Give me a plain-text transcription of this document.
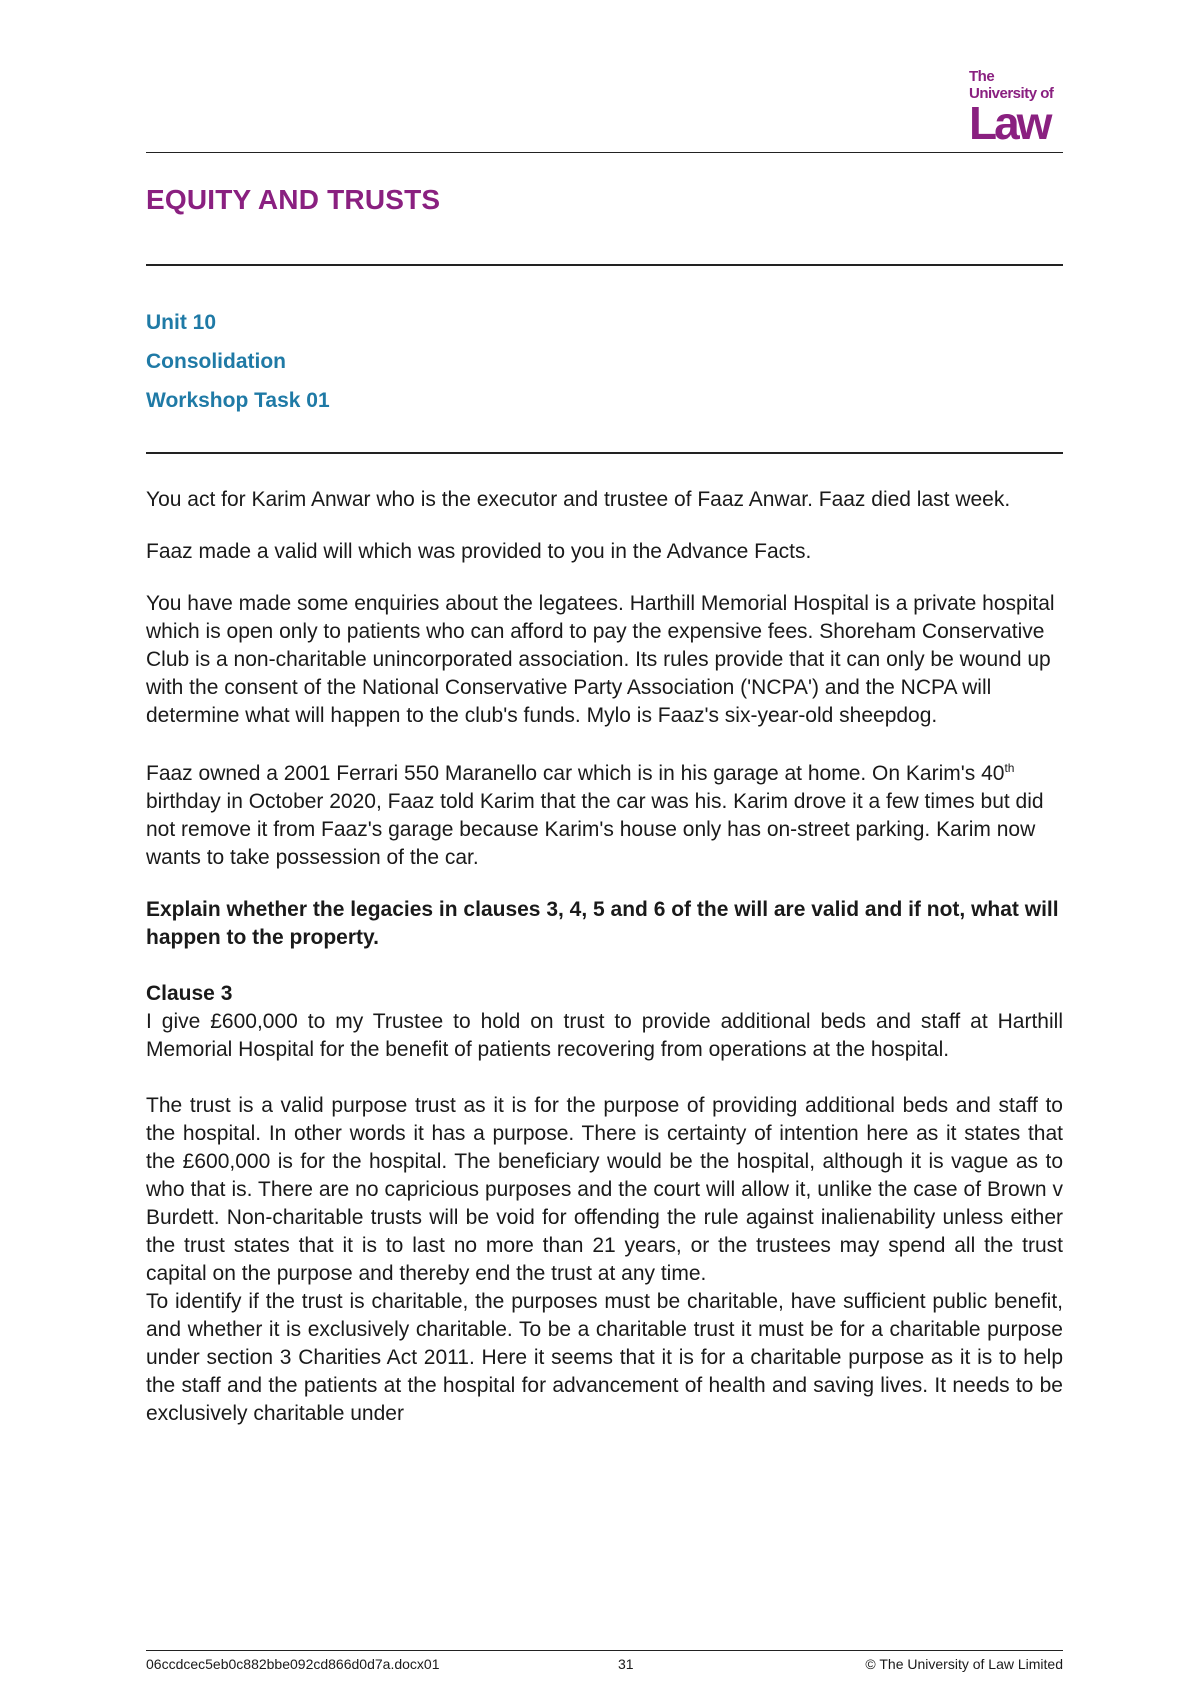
The
University of
Law
EQUITY AND TRUSTS
Unit 10
Consolidation
Workshop Task 01

You act for Karim Anwar who is the executor and trustee of Faaz Anwar. Faaz died last week.

Faaz made a valid will which was provided to you in the Advance Facts.

You have made some enquiries about the legatees. Harthill Memorial Hospital is a private hospital which is open only to patients who can afford to pay the expensive fees. Shoreham Conservative Club is a non-charitable unincorporated association. Its rules provide that it can only be wound up with the consent of the National Conservative Party Association ('NCPA') and the NCPA will determine what will happen to the club's funds. Mylo is Faaz's six-year-old sheepdog.

Faaz owned a 2001 Ferrari 550 Maranello car which is in his garage at home. On Karim's 40th birthday in October 2020, Faaz told Karim that the car was his. Karim drove it a few times but did not remove it from Faaz's garage because Karim's house only has on-street parking. Karim now wants to take possession of the car.

Explain whether the legacies in clauses 3, 4, 5 and 6 of the will are valid and if not, what will happen to the property.

Clause 3

I give £600,000 to my Trustee to hold on trust to provide additional beds and staff at Harthill Memorial Hospital for the benefit of patients recovering from operations at the hospital.

The trust is a valid purpose trust as it is for the purpose of providing additional beds and staff to the hospital. In other words it has a purpose. There is certainty of intention here as it states that the £600,000 is for the hospital. The beneficiary would be the hospital, although it is vague as to who that is. There are no capricious purposes and the court will allow it, unlike the case of Brown v Burdett. Non-charitable trusts will be void for offending the rule against inalienability unless either the trust states that it is to last no more than 21 years, or the trustees may spend all the trust capital on the purpose and thereby end the trust at any time.

To identify if the trust is charitable, the purposes must be charitable, have sufficient public benefit, and whether it is exclusively charitable. To be a charitable trust it must be for a charitable purpose under section 3 Charities Act 2011. Here it seems that it is for a charitable purpose as it is to help the staff and the patients at the hospital for advancement of health and saving lives. It needs to be exclusively charitable under

06ccdcec5eb0c882bbe092cd866d0d7a.docx01	31	© The University of Law Limited
